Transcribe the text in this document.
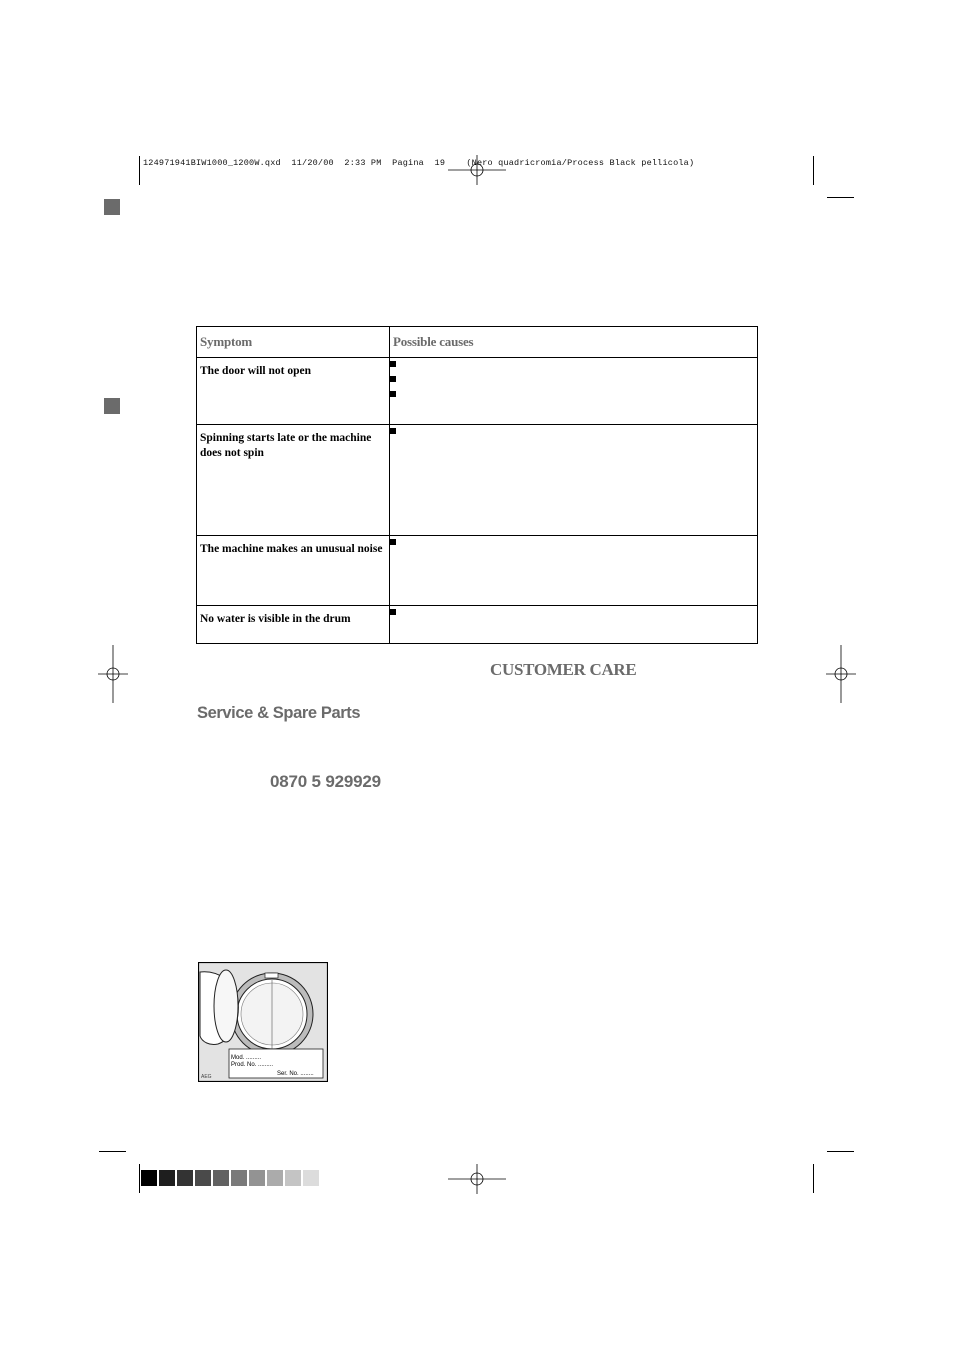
124971941BIW1000_1200W.qxd  11/20/00  2:33 PM  Pagina  19    (Nero quadricromia/Process Black pellicola)
Symptom	Possible causes

The door will not open	

Spinning starts late or the machine does not spin	

The machine makes an unusual noise	

No water is visible in the drum	

CUSTOMER CARE
Service & Spare Parts
0870 5 929929
Mod. .........
Prod. No. .........
Ser. No. ........
AEG
